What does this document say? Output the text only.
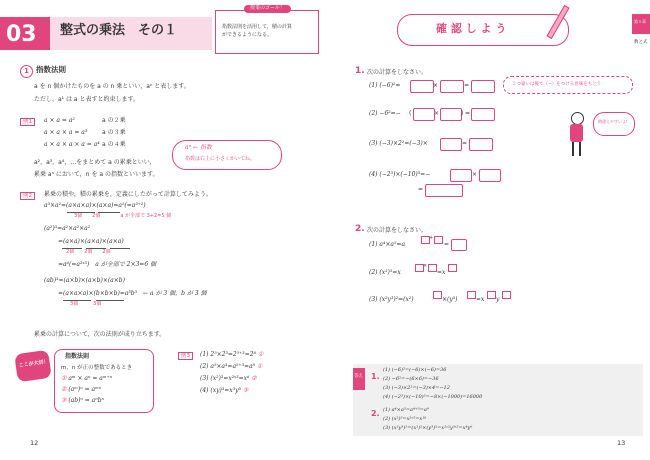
03 整式の乗法　その１
授業のゴール！
指数法則を活用して，積の計算
ができるようになる。
1 指数法則
a を n 個かけたものを a の n 乗といい，aⁿ と表します。
ただし，a¹ は a と表すと約束します。
例1	a × a = a²	a の２乗
a × a × a = a³ a の３乗
a × a × a × a = a⁴ a の４乗	aⁿ ← 指数
指数は右上に小さくかいてね。
a²，a³，a⁴，…をまとめて a の累乗といい，
累乗 aⁿ において，n を a の指数といいます。
例2	累乗の積や，積の累乗を，定義にしたがって計算してみよう。
a³×a²=(a×a×a)×(a×a)=a⁵(=a³⁺²)
3個　　2個　　　　a が全部で 3+2=5 個
(a²)³=a²×a²×a²
=(a×a)×(a×a)×(a×a)
2個　　2個　　2個
=a⁶(=a²ˣ³)　a が全部で 2×3=6 個
(ab)³=(a×b)×(a×b)×(a×b)
=(a×a×a)×(b×b×b)=a³b³　← a が 3 個，b が 3 個
3個　　　3個
累乗の計算について，次の法則が成り立ちます。
ここが大切！
指数法則
m，n が正の整数であるとき
① aᵐ × aⁿ = aᵐ⁺ⁿ
② (aᵐ)ⁿ = aᵐⁿ
③ (ab)ⁿ = aⁿbⁿ
例3	(1) 2⁵×2³=2⁵⁺³=2⁸ ①
(2) a⁵×a³=a⁵⁺³=a⁸ ①
(3) (x²)³=x²ˣ³=x⁶ ②
(4) (xy)³=x³y³ ③
12
確 認 し よ う
第１章
数と式
1. 次の計算をしなさい。
(1) (−6)²=	×	=
(2) −6²=− (	×	) =
(3) (−3)×2²=(−3)×	=
(4) (−2³)×(−10)³=−	×
=
２つ違いは後で（−）をつける意味をもとう
間違えやすいよ!
2. 次の計算をしなさい。
(1) a⁴×a⁵=a
+
=
(2) (x²)⁵=x
×
=x
(3) (x²y³)²=(x²)	×(y³)	=x y
答え 1.
(1) (−6)²=(−6)×(−6)=36
(2) −6²=−(6×6)=−36
(3) (−3)×2²=(−3)×4=−12
(4) (−2³)×(−10)³=−8×(−1000)=16000
2. (1) a⁴×a⁵=a⁴⁺⁵=a⁹
(2) (x²)⁵=x²ˣ⁵=x¹⁰
(3) (x²y³)²=(x²)²×(y³)²=x²ˣ²y³ˣ²=x⁴y⁶
13
